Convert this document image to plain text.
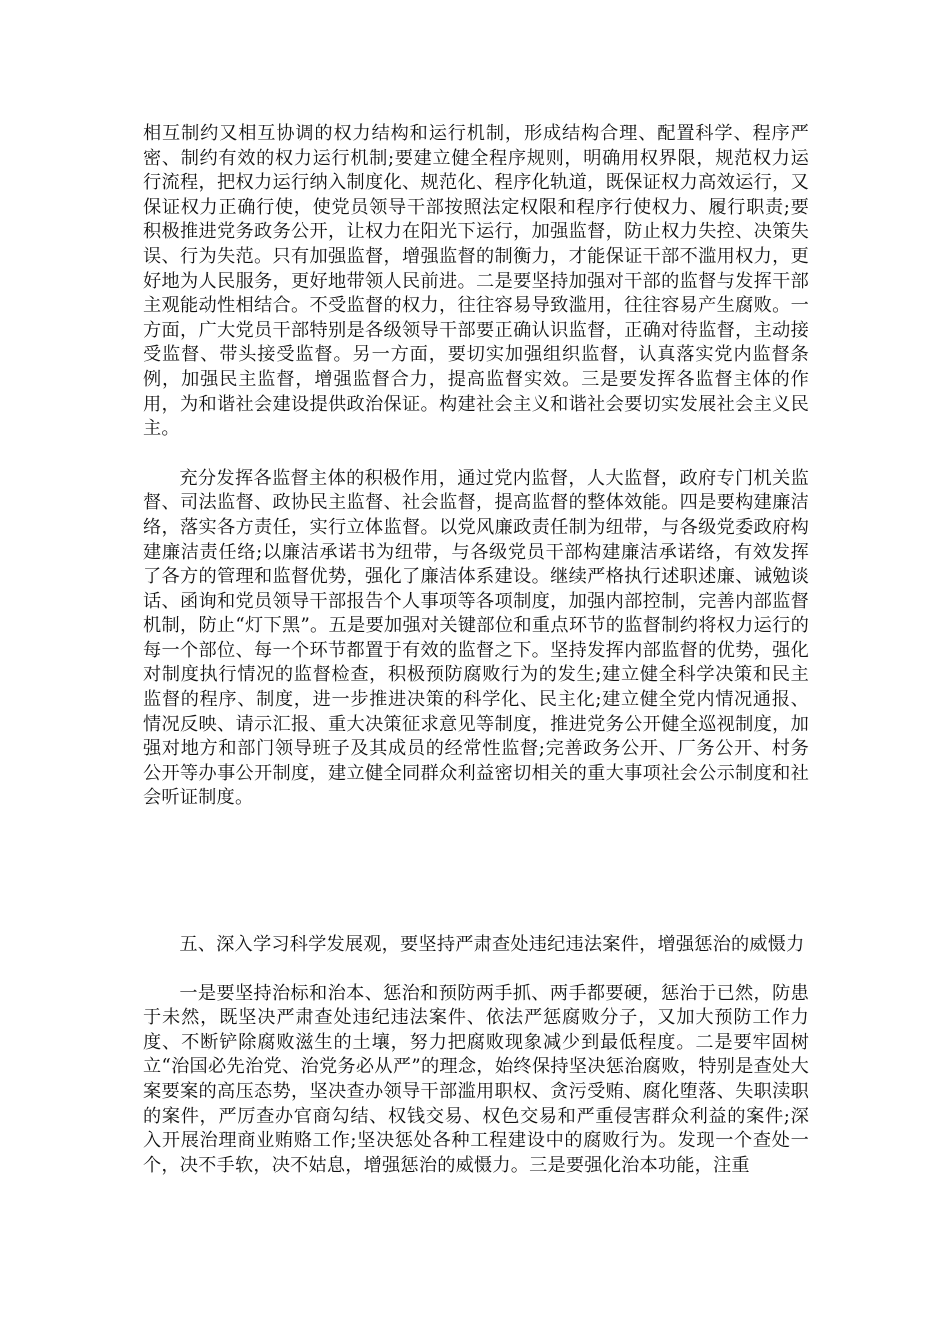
相互制约又相互协调的权力结构和运行机制，形成结构合理、配置科学、程序严密、制约有效的权力运行机制;要建立健全程序规则，明确用权界限，规范权力运行流程，把权力运行纳入制度化、规范化、程序化轨道，既保证权力高效运行，又保证权力正确行使，使党员领导干部按照法定权限和程序行使权力、履行职责;要积极推进党务政务公开，让权力在阳光下运行，加强监督，防止权力失控、决策失误、行为失范。只有加强监督，增强监督的制衡力，才能保证干部不滥用权力，更好地为人民服务，更好地带领人民前进。二是要坚持加强对干部的监督与发挥干部主观能动性相结合。不受监督的权力，往往容易导致滥用，往往容易产生腐败。一方面，广大党员干部特别是各级领导干部要正确认识监督，正确对待监督，主动接受监督、带头接受监督。另一方面，要切实加强组织监督，认真落实党内监督条例，加强民主监督，增强监督合力，提高监督实效。三是要发挥各监督主体的作用，为和谐社会建设提供政治保证。构建社会主义和谐社会要切实发展社会主义民主。

充分发挥各监督主体的积极作用，通过党内监督，人大监督，政府专门机关监督、司法监督、政协民主监督、社会监督，提高监督的整体效能。四是要构建廉洁络，落实各方责任，实行立体监督。以党风廉政责任制为纽带，与各级党委政府构建廉洁责任络;以廉洁承诺书为纽带，与各级党员干部构建廉洁承诺络，有效发挥了各方的管理和监督优势，强化了廉洁体系建设。继续严格执行述职述廉、诫勉谈话、函询和党员领导干部报告个人事项等各项制度，加强内部控制，完善内部监督机制，防止“灯下黑”。五是要加强对关键部位和重点环节的监督制约将权力运行的每一个部位、每一个环节都置于有效的监督之下。坚持发挥内部监督的优势，强化对制度执行情况的监督检查，积极预防腐败行为的发生;建立健全科学决策和民主监督的程序、制度，进一步推进决策的科学化、民主化;建立健全党内情况通报、情况反映、请示汇报、重大决策征求意见等制度，推进党务公开健全巡视制度，加强对地方和部门领导班子及其成员的经常性监督;完善政务公开、厂务公开、村务公开等办事公开制度，建立健全同群众利益密切相关的重大事项社会公示制度和社会听证制度。

五、深入学习科学发展观，要坚持严肃查处违纪违法案件，增强惩治的威慑力

一是要坚持治标和治本、惩治和预防两手抓、两手都要硬，惩治于已然，防患于未然，既坚决严肃查处违纪违法案件、依法严惩腐败分子，又加大预防工作力度、不断铲除腐败滋生的土壤，努力把腐败现象减少到最低程度。二是要牢固树立“治国必先治党、治党务必从严”的理念，始终保持坚决惩治腐败，特别是查处大案要案的高压态势，坚决查办领导干部滥用职权、贪污受贿、腐化堕落、失职渎职的案件，严厉查办官商勾结、权钱交易、权色交易和严重侵害群众利益的案件;深入开展治理商业贿赂工作;坚决惩处各种工程建设中的腐败行为。发现一个查处一个，决不手软，决不姑息，增强惩治的威慑力。三是要强化治本功能，注重
